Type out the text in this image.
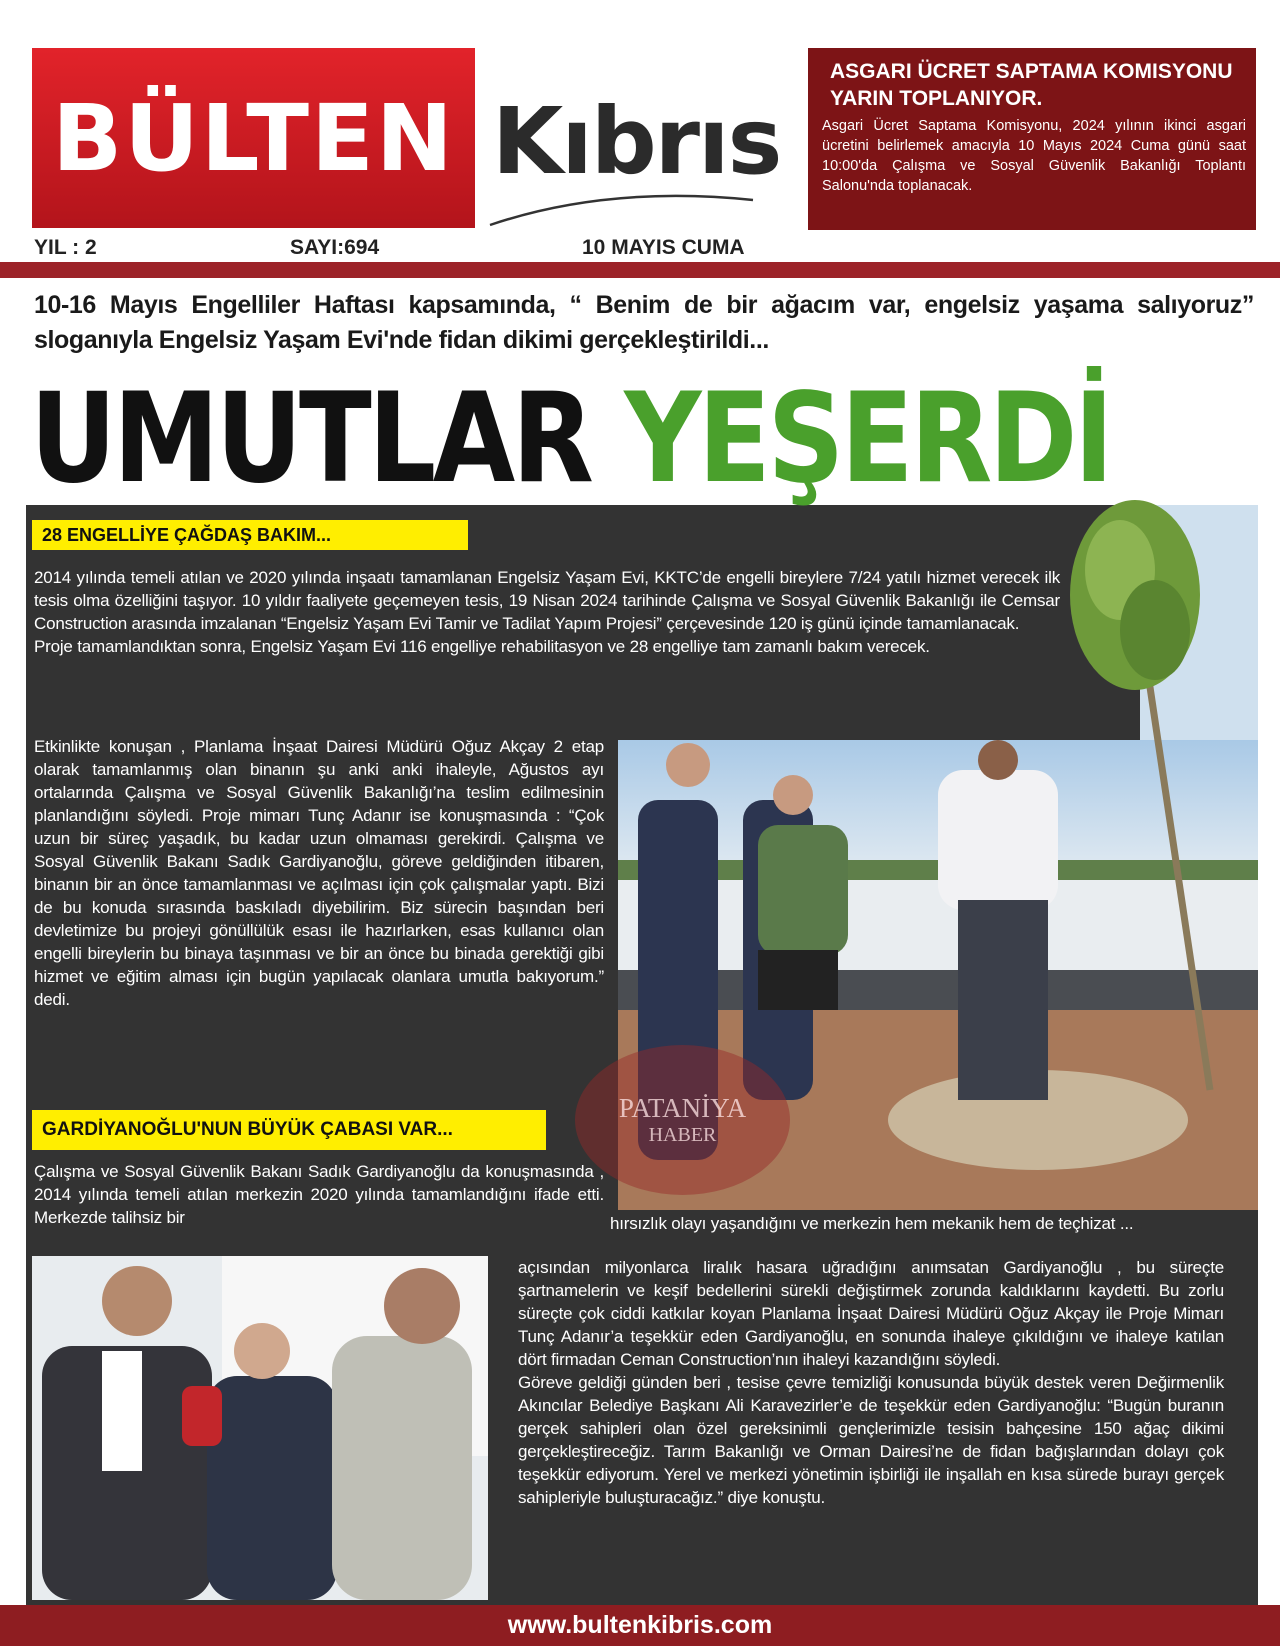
BÜLTEN Kıbrıs
ASGARI ÜCRET SAPTAMA KOMISYONU YARIN TOPLANIYOR.

Asgari Ücret Saptama Komisyonu, 2024 yılının ikinci asgari ücretini belirlemek amacıyla 10 Mayıs 2024 Cuma günü saat 10:00'da Çalışma ve Sosyal Güvenlik Bakanlığı Toplantı Salonu'nda toplanacak.

YIL : 2	SAYI:694	10 MAYIS CUMA
10-16 Mayıs Engelliler Haftası kapsamında, “ Benim de bir ağacım var, engelsiz yaşama salıyoruz” sloganıyla Engelsiz Yaşam Evi'nde fidan dikimi gerçekleştirildi...
UMUTLAR YEŞERDİ
28 ENGELLİYE ÇAĞDAŞ BAKIM...
2014 yılında temeli atılan ve 2020 yılında inşaatı tamamlanan Engelsiz Yaşam Evi, KKTC’de engelli bireylere 7/24 yatılı hizmet verecek ilk tesis olma özelliğini taşıyor. 10 yıldır faaliyete geçemeyen tesis, 19 Nisan 2024 tarihinde Çalışma ve Sosyal Güvenlik Bakanlığı ile Cemsar Construction arasında imzalanan “Engelsiz Yaşam Evi Tamir ve Tadilat Yapım Projesi” çerçevesinde 120 iş günü içinde tamamlanacak.
Proje tamamlandıktan sonra, Engelsiz Yaşam Evi 116 engelliye rehabilitasyon ve 28 engelliye tam zamanlı bakım verecek.
Etkinlikte konuşan , Planlama İnşaat Dairesi Müdürü Oğuz Akçay 2 etap olarak tamamlanmış olan binanın şu anki anki ihaleyle, Ağustos ayı ortalarında Çalışma ve Sosyal Güvenlik Bakanlığı’na teslim edilmesinin planlandığını söyledi. Proje mimarı Tunç Adanır ise konuşmasında : “Çok uzun bir süreç yaşadık, bu kadar uzun olmaması gerekirdi. Çalışma ve Sosyal Güvenlik Bakanı Sadık Gardiyanoğlu, göreve geldiğinden itibaren, binanın bir an önce tamamlanması ve açılması için çok çalışmalar yaptı. Bizi de bu konuda sırasında baskıladı diyebilirim. Biz sürecin başından beri devletimize bu projeyi gönüllülük esası ile hazırlarken, esas kullanıcı olan engelli bireylerin bu binaya taşınması ve bir an önce bu binada gerektiği gibi hizmet ve eğitim alması için bugün yapılacak olanlara umutla bakıyorum.” dedi.
PATANİYA
HABER
GARDİYANOĞLU'NUN BÜYÜK ÇABASI VAR...
Çalışma ve Sosyal Güvenlik Bakanı Sadık Gardiyanoğlu da konuşmasında , 2014 yılında temeli atılan merkezin 2020 yılında tamamlandığını ifade etti. Merkezde talihsiz bir	hırsızlık olayı yaşandığını ve merkezin hem mekanik hem de teçhizat ...
açısından milyonlarca liralık hasara uğradığını anımsatan Gardiyanoğlu , bu süreçte şartnamelerin ve keşif bedellerini sürekli değiştirmek zorunda kaldıklarını kaydetti. Bu zorlu süreçte çok ciddi katkılar koyan Planlama İnşaat Dairesi Müdürü Oğuz Akçay ile Proje Mimarı Tunç Adanır’a teşekkür eden Gardiyanoğlu, en sonunda ihaleye çıkıldığını ve ihaleye katılan dört firmadan Ceman Construction’nın ihaleyi kazandığını söyledi.
Göreve geldiği günden beri , tesise çevre temizliği konusunda büyük destek veren Değirmenlik Akıncılar Belediye Başkanı Ali Karavezirler’e de teşekkür eden Gardiyanoğlu: “Bugün buranın gerçek sahipleri olan özel gereksinimli gençlerimizle tesisin bahçesine 150 ağaç dikimi gerçekleştireceğiz. Tarım Bakanlığı ve Orman Dairesi’ne de fidan bağışlarından dolayı çok teşekkür ediyorum. Yerel ve merkezi yönetimin işbirliği ile inşallah en kısa sürede burayı gerçek sahipleriyle buluşturacağız.” diye konuştu.
www.bultenkibris.com
